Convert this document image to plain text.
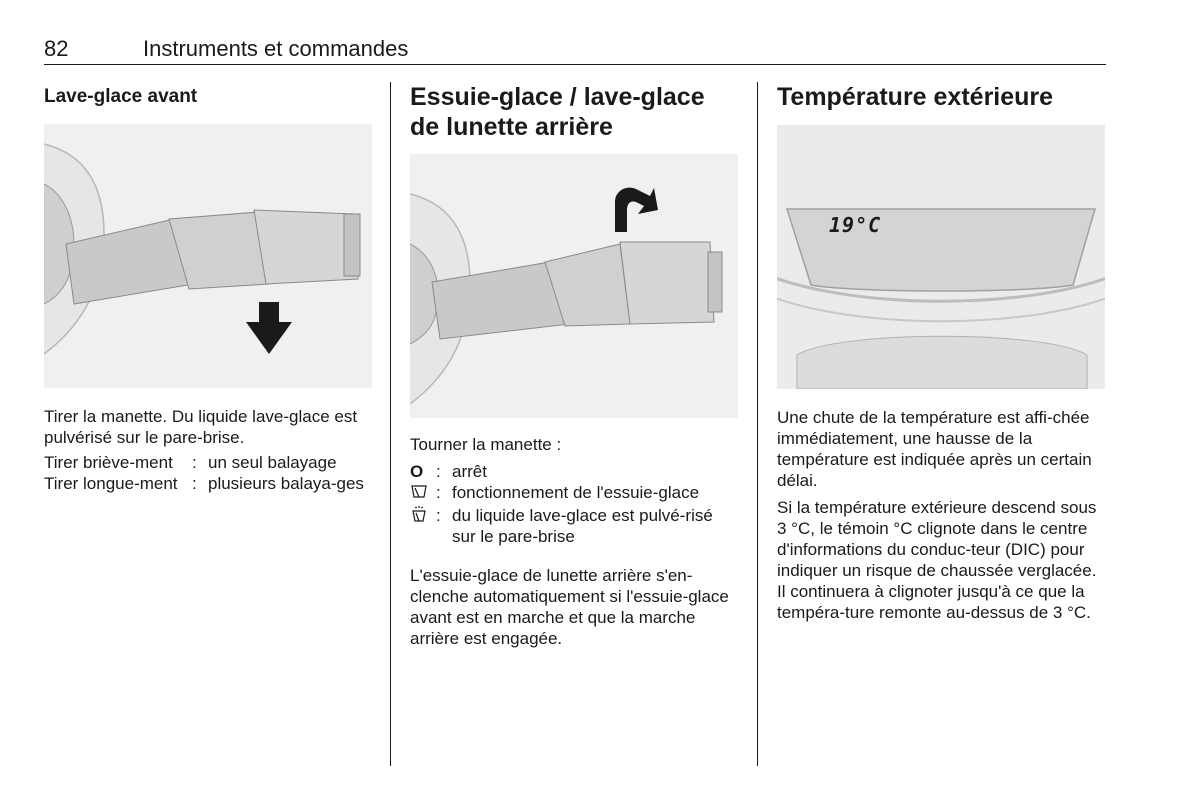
82	Instruments et commandes
Lave-glace avant

Tirer la manette. Du liquide lave-glace est pulvérisé sur le pare-brise.

Tirer briève-ment	: un seul balayage
Tirer longue-ment : plusieurs balaya-ges
Essuie-glace / lave-glace de lunette arrière

Tourner la manette :

O : arrêt
: fonctionnement de l'essuie-glace
: du liquide lave-glace est pulvé-risé sur le pare-brise

L'essuie-glace de lunette arrière s'en-clenche automatiquement si l'essuie-glace avant est en marche et que la marche arrière est engagée.

Température extérieure
19°C

Une chute de la température est affi-chée immédiatement, une hausse de la température est indiquée après un certain délai.

Si la température extérieure descend sous 3 °C, le témoin °C clignote dans le centre d'informations du conduc-teur (DIC) pour indiquer un risque de chaussée verglacée. Il continuera à clignoter jusqu'à ce que la tempéra-ture remonte au-dessus de 3 °C.
